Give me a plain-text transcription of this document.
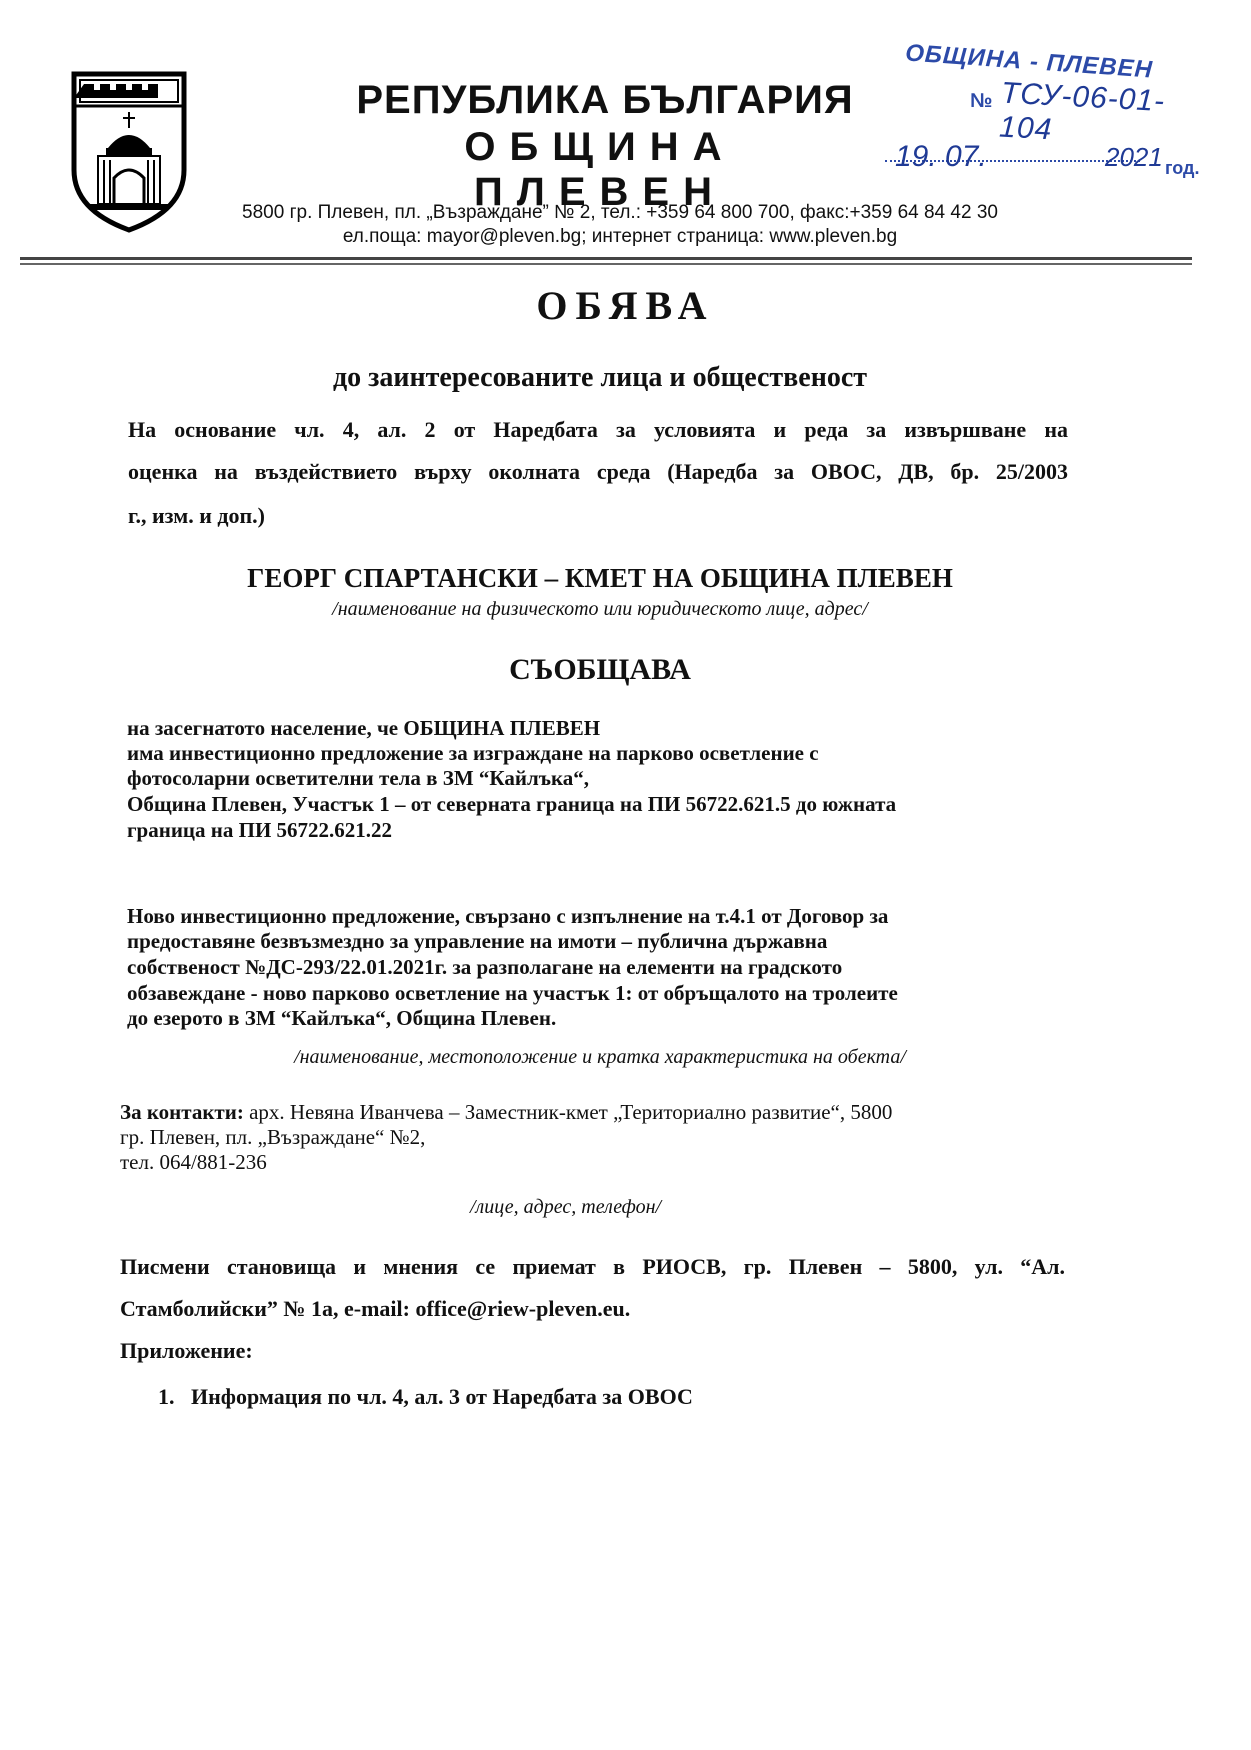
РЕПУБЛИКА БЪЛГАРИЯ
ОБЩИНА ПЛЕВЕН
5800 гр. Плевен, пл. „Възраждане” № 2, тел.: +359 64 800 700, факс:+359 64 84 42 30
ел.поща: mayor@pleven.bg; интернет страница: www.pleven.bg
ОБЩИНА - ПЛЕВЕН
№ ТСУ-06-01-104
19. 07.	2021 год.
ОБЯВА
до заинтересованите лица и общественост
На основание чл. 4, ал. 2 от Наредбата за условията и реда за извършване на
оценка на въздействието върху околната среда (Наредба за ОВОС, ДВ, бр. 25/2003
г., изм. и доп.)
ГЕОРГ СПАРТАНСКИ – КМЕТ НА ОБЩИНА ПЛЕВЕН
/наименование на физическото или юридическото лице, адрес/
СЪОБЩАВА
на засегнатото население, че ОБЩИНА ПЛЕВЕН
има инвестиционно предложение за изграждане на парково осветление с
фотосоларни осветителни тела в ЗМ “Кайлъка“,
Община Плевен, Участък 1 – от северната граница на ПИ 56722.621.5 до южната
граница на ПИ 56722.621.22
Ново инвестиционно предложение, свързано с изпълнение на т.4.1 от Договор за
предоставяне безвъзмездно за управление на имоти – публична държавна
собственост №ДС-293/22.01.2021г. за разполагане на елементи на градското
обзавеждане - ново парково осветление на участък 1: от обръщалото на тролеите
до езерото в ЗМ “Кайлъка“, Община Плевен.
/наименование, местоположение и кратка характеристика на обекта/
За контакти: арх. Невяна Иванчева – Заместник-кмет „Териториално развитие“, 5800
гр. Плевен, пл. „Възраждане“ №2,
тел. 064/881-236
/лице, адрес, телефон/
Писмени становища и мнения се приемат в РИОСВ, гр. Плевен – 5800, ул. “Ал.
Стамболийски” № 1а, e-mail: office@riew-pleven.eu.
Приложение:
1.   Информация по чл. 4, ал. 3 от Наредбата за ОВОС
